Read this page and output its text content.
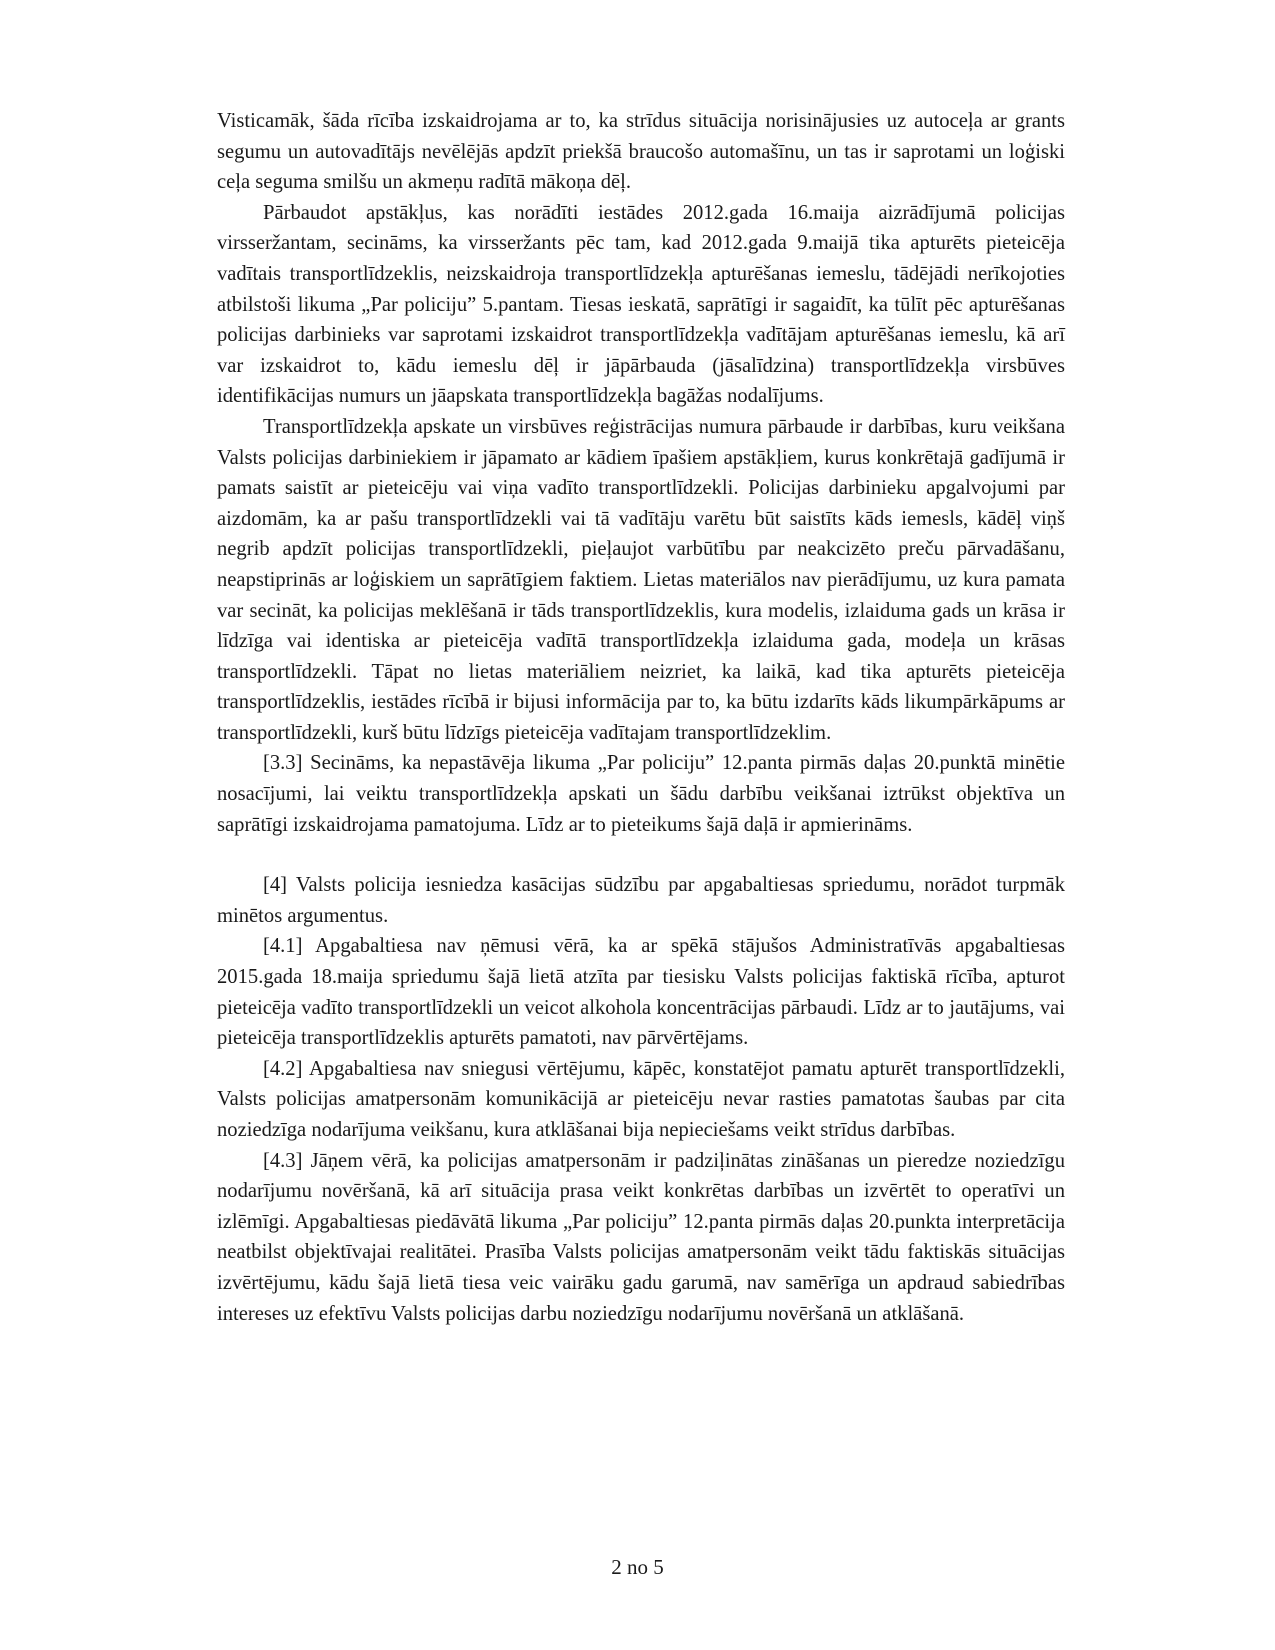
Visticamāk, šāda rīcība izskaidrojama ar to, ka strīdus situācija norisinājusies uz autoceļa ar grants segumu un autovadītājs nevēlējās apdzīt priekšā braucošo automašīnu, un tas ir saprotami un loģiski ceļa seguma smilšu un akmeņu radītā mākoņa dēļ.

Pārbaudot apstākļus, kas norādīti iestādes 2012.gada 16.maija aizrādījumā policijas virsseržantam, secināms, ka virsseržants pēc tam, kad 2012.gada 9.maijā tika apturēts pieteicēja vadītais transportlīdzeklis, neizskaidroja transportlīdzekļa apturēšanas iemeslu, tādējādi nerīkojoties atbilstoši likuma „Par policiju” 5.pantam. Tiesas ieskatā, saprātīgi ir sagaidīt, ka tūlīt pēc apturēšanas policijas darbinieks var saprotami izskaidrot transportlīdzekļa vadītājam apturēšanas iemeslu, kā arī var izskaidrot to, kādu iemeslu dēļ ir jāpārbauda (jāsalīdzina) transportlīdzekļa virsbūves identifikācijas numurs un jāapskata transportlīdzekļa bagāžas nodalījums.

Transportlīdzekļa apskate un virsbūves reģistrācijas numura pārbaude ir darbības, kuru veikšana Valsts policijas darbiniekiem ir jāpamato ar kādiem īpašiem apstākļiem, kurus konkrētajā gadījumā ir pamats saistīt ar pieteicēju vai viņa vadīto transportlīdzekli. Policijas darbinieku apgalvojumi par aizdomām, ka ar pašu transportlīdzekli vai tā vadītāju varētu būt saistīts kāds iemesls, kādēļ viņš negrib apdzīt policijas transportlīdzekli, pieļaujot varbūtību par neakcizēto preču pārvadāšanu, neapstiprinās ar loģiskiem un saprātīgiem faktiem. Lietas materiālos nav pierādījumu, uz kura pamata var secināt, ka policijas meklēšanā ir tāds transportlīdzeklis, kura modelis, izlaiduma gads un krāsa ir līdzīga vai identiska ar pieteicēja vadītā transportlīdzekļa izlaiduma gada, modeļa un krāsas transportlīdzekli. Tāpat no lietas materiāliem neizriet, ka laikā, kad tika apturēts pieteicēja transportlīdzeklis, iestādes rīcībā ir bijusi informācija par to, ka būtu izdarīts kāds likumpārkāpums ar transportlīdzekli, kurš būtu līdzīgs pieteicēja vadītajam transportlīdzeklim.

[3.3] Secināms, ka nepastāvēja likuma „Par policiju” 12.panta pirmās daļas 20.punktā minētie nosacījumi, lai veiktu transportlīdzekļa apskati un šādu darbību veikšanai iztrūkst objektīva un saprātīgi izskaidrojama pamatojuma. Līdz ar to pieteikums šajā daļā ir apmierināms.

[4] Valsts policija iesniedza kasācijas sūdzību par apgabaltiesas spriedumu, norādot turpmāk minētos argumentus.

[4.1] Apgabaltiesa nav ņēmusi vērā, ka ar spēkā stājušos Administratīvās apgabaltiesas 2015.gada 18.maija spriedumu šajā lietā atzīta par tiesisku Valsts policijas faktiskā rīcība, apturot pieteicēja vadīto transportlīdzekli un veicot alkohola koncentrācijas pārbaudi. Līdz ar to jautājums, vai pieteicēja transportlīdzeklis apturēts pamatoti, nav pārvērtējams.

[4.2] Apgabaltiesa nav sniegusi vērtējumu, kāpēc, konstatējot pamatu apturēt transportlīdzekli, Valsts policijas amatpersonām komunikācijā ar pieteicēju nevar rasties pamatotas šaubas par cita noziedzīga nodarījuma veikšanu, kura atklāšanai bija nepieciešams veikt strīdus darbības.

[4.3] Jāņem vērā, ka policijas amatpersonām ir padziļinātas zināšanas un pieredze noziedzīgu nodarījumu novēršanā, kā arī situācija prasa veikt konkrētas darbības un izvērtēt to operatīvi un izlēmīgi. Apgabaltiesas piedāvātā likuma „Par policiju” 12.panta pirmās daļas 20.punkta interpretācija neatbilst objektīvajai realitātei. Prasība Valsts policijas amatpersonām veikt tādu faktiskās situācijas izvērtējumu, kādu šajā lietā tiesa veic vairāku gadu garumā, nav samērīga un apdraud sabiedrības intereses uz efektīvu Valsts policijas darbu noziedzīgu nodarījumu novēršanā un atklāšanā.

2 no 5
